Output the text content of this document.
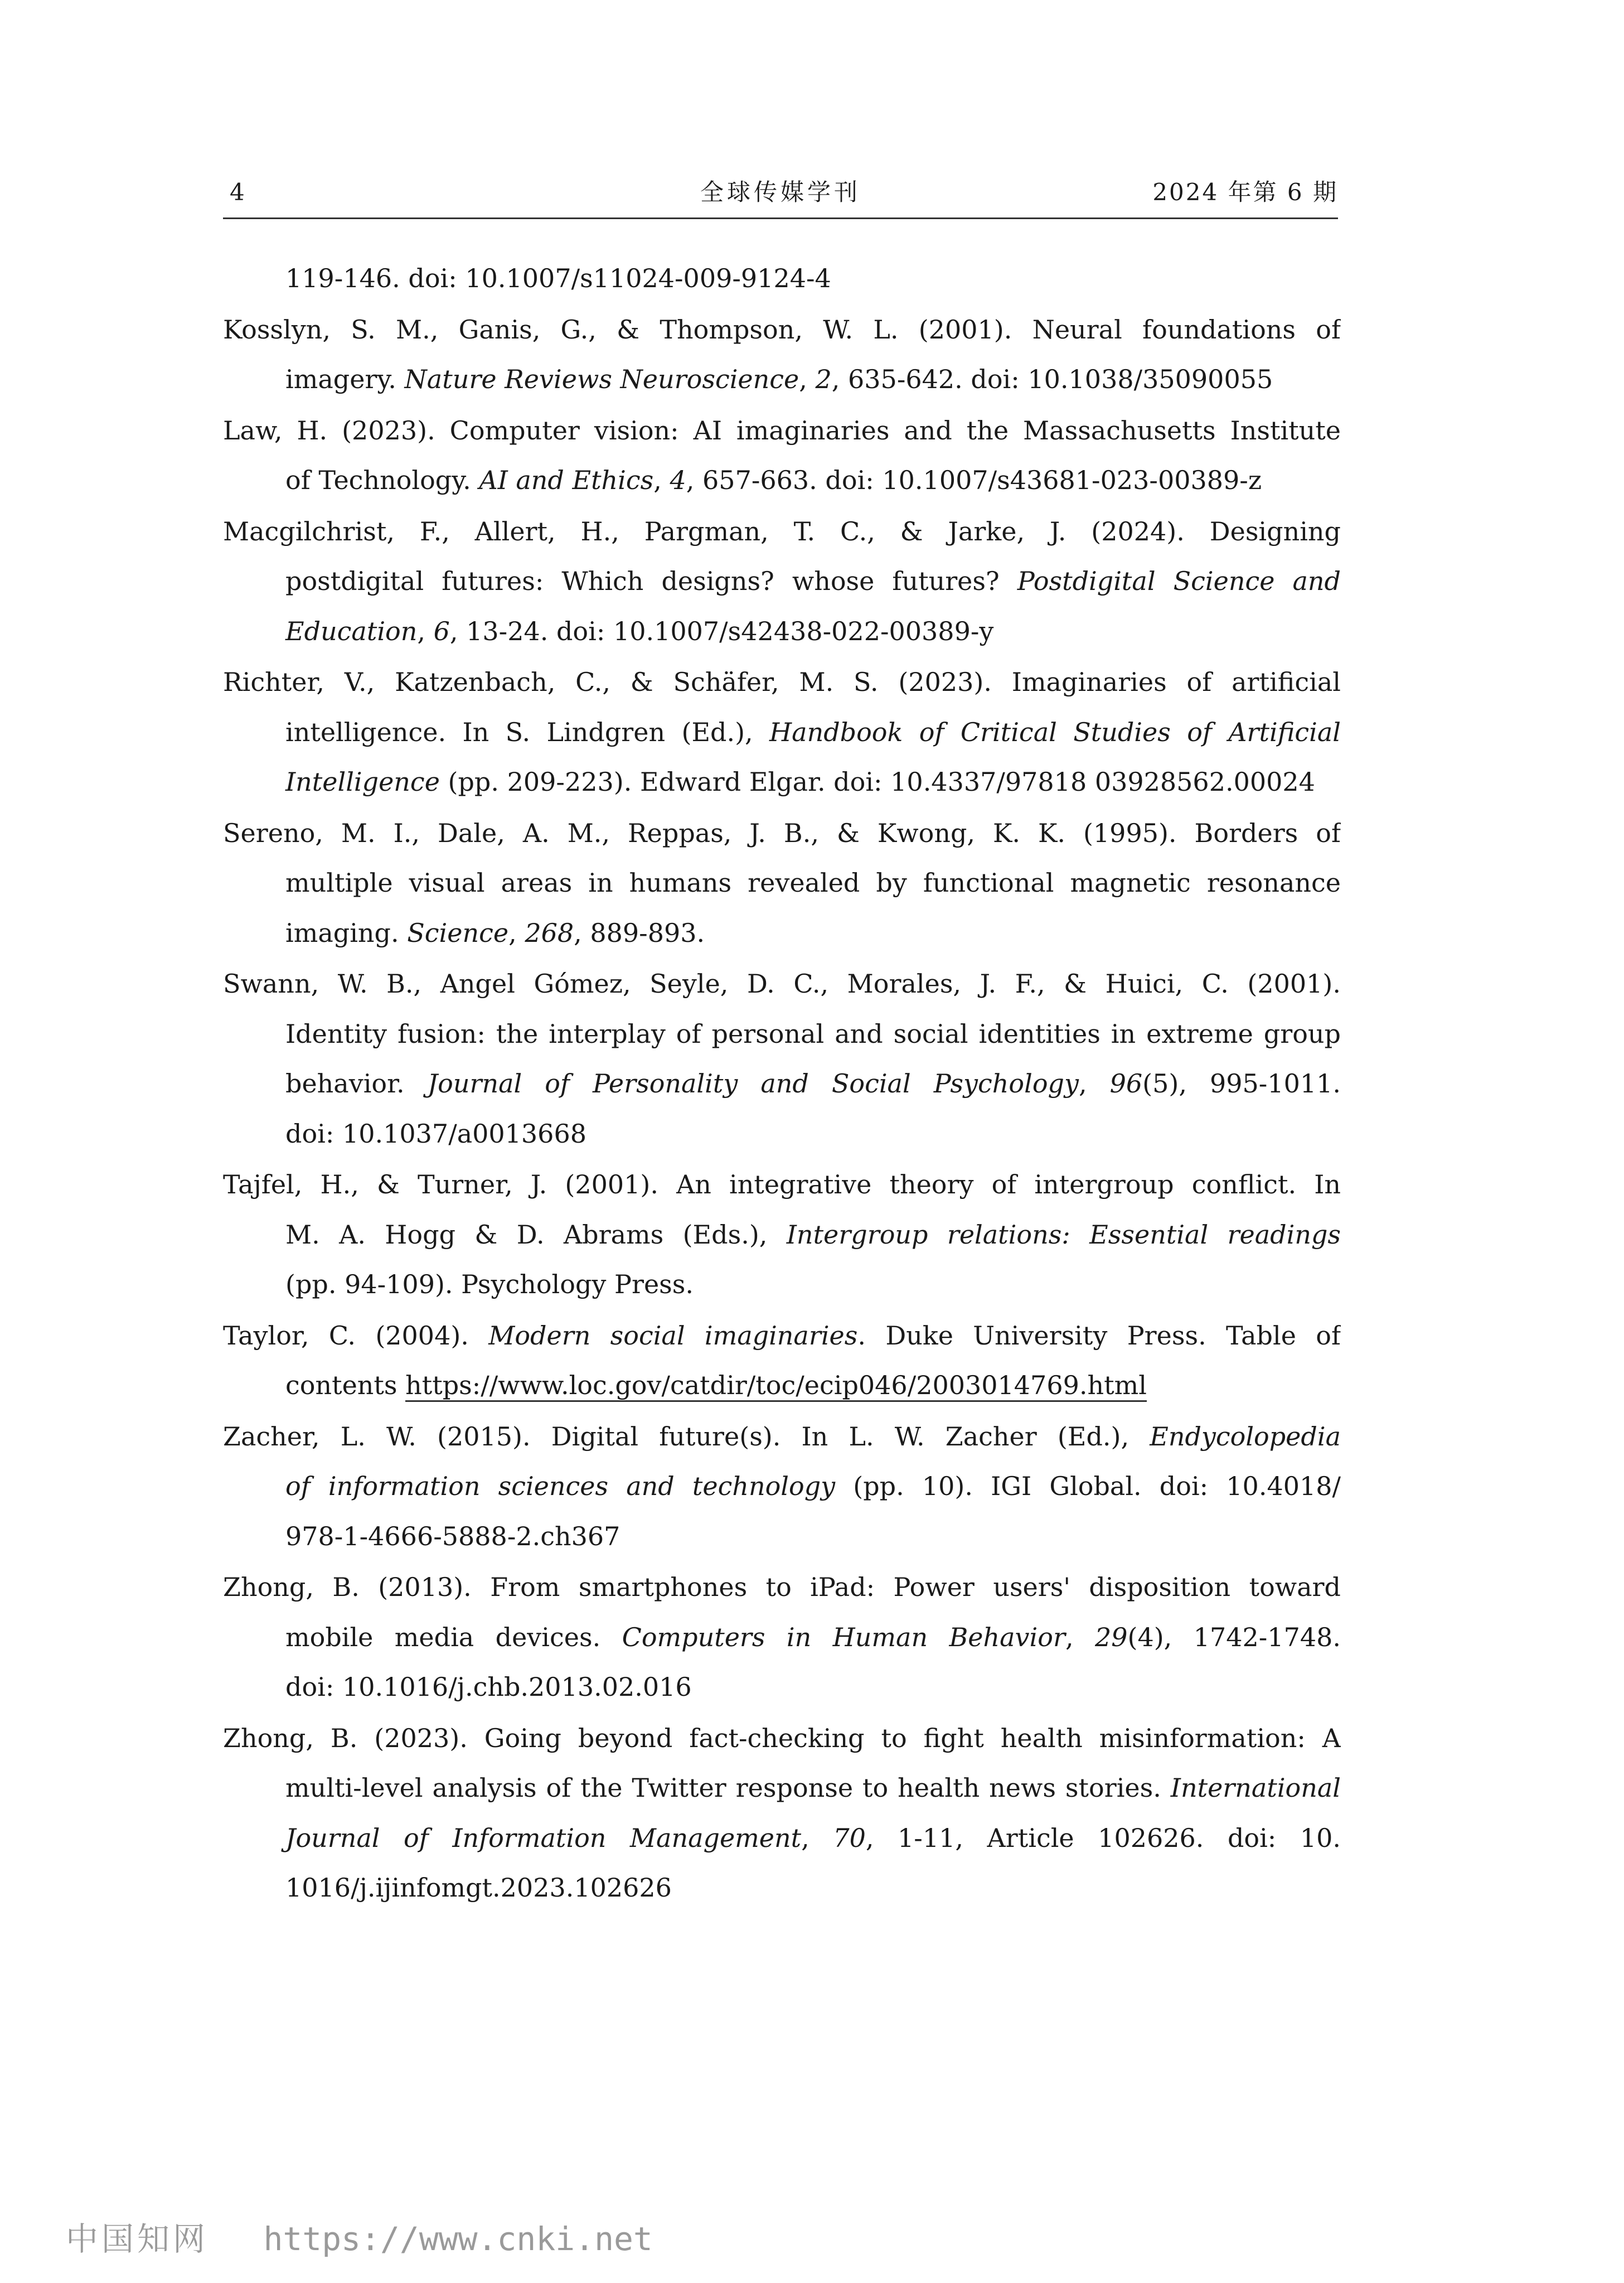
4	全球传媒学刊	2024 年第 6 期
119-146. doi: 10.1007/s11024-009-9124-4
Kosslyn, S. M., Ganis, G., & Thompson, W. L. (2001). Neural foundations of
imagery. Nature Reviews Neuroscience, 2, 635-642. doi: 10.1038/35090055
Law, H. (2023). Computer vision: AI imaginaries and the Massachusetts Institute
of Technology. AI and Ethics, 4, 657-663. doi: 10.1007/s43681-023-00389-z
Macgilchrist, F., Allert, H., Pargman, T. C., & Jarke, J. (2024). Designing
postdigital futures: Which designs? whose futures? Postdigital Science and
Education, 6, 13-24. doi: 10.1007/s42438-022-00389-y
Richter, V., Katzenbach, C., & Schäfer, M. S. (2023). Imaginaries of artificial
intelligence. In S. Lindgren (Ed.), Handbook of Critical Studies of Artificial
Intelligence (pp. 209-223). Edward Elgar. doi: 10.4337/97818 03928562.00024
Sereno, M. I., Dale, A. M., Reppas, J. B., & Kwong, K. K. (1995). Borders of
multiple visual areas in humans revealed by functional magnetic resonance
imaging. Science, 268, 889-893.
Swann, W. B., Angel Gómez, Seyle, D. C., Morales, J. F., & Huici, C. (2001).
Identity fusion: the interplay of personal and social identities in extreme group
behavior. Journal of Personality and Social Psychology, 96(5), 995-1011.
doi: 10.1037/a0013668
Tajfel, H., & Turner, J. (2001). An integrative theory of intergroup conflict. In
M. A. Hogg & D. Abrams (Eds.), Intergroup relations: Essential readings
(pp. 94-109). Psychology Press.
Taylor, C. (2004). Modern social imaginaries. Duke University Press. Table of
contents https://www.loc.gov/catdir/toc/ecip046/2003014769.html
Zacher, L. W. (2015). Digital future(s). In L. W. Zacher (Ed.), Endycolopedia
of information sciences and technology (pp. 10). IGI Global. doi: 10.4018/
978-1-4666-5888-2.ch367
Zhong, B. (2013). From smartphones to iPad: Power users' disposition toward
mobile media devices. Computers in Human Behavior, 29(4), 1742-1748.
doi: 10.1016/j.chb.2013.02.016
Zhong, B. (2023). Going beyond fact-checking to fight health misinformation: A
multi-level analysis of the Twitter response to health news stories. International
Journal of Information Management, 70, 1-11, Article 102626. doi: 10.
1016/j.ijinfomgt.2023.102626
中国知网 https://www.cnki.net
